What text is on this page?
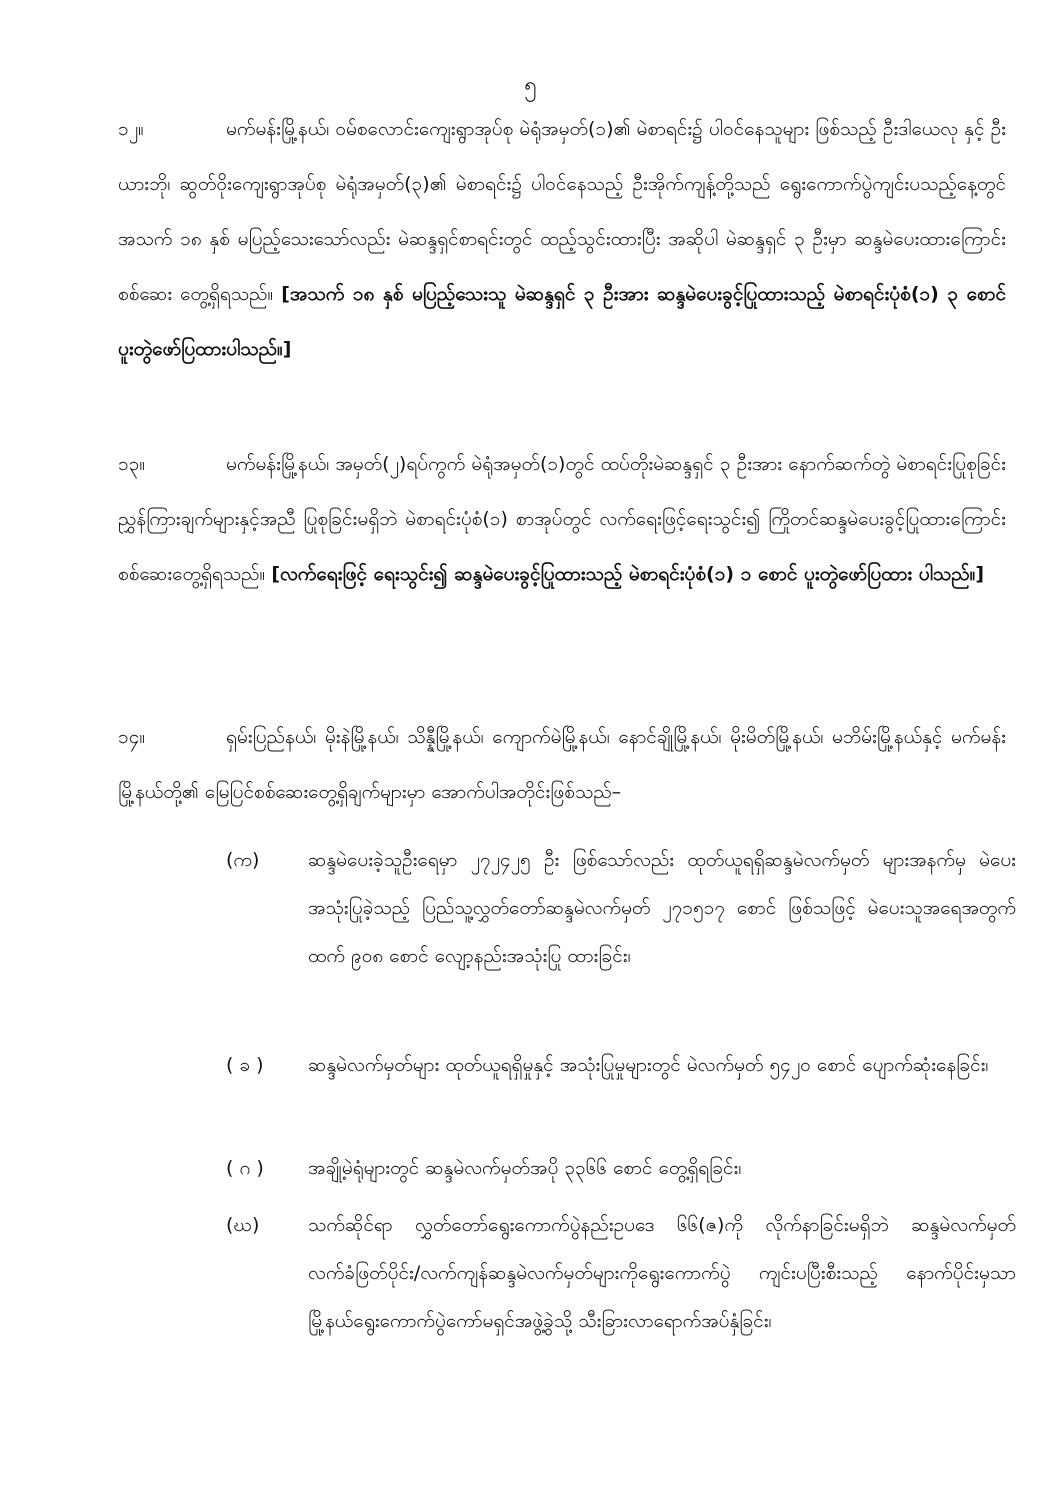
၅
၁၂။	မက်မန်းမြို့နယ်၊ ဝမ်စလောင်းကျေးရွာအုပ်စု မဲရုံအမှတ်(၁)၏ မဲစာရင်း၌ ပါဝင်နေသူများ ဖြစ်သည့် ဦးဒါယေလု နှင့် ဦးယားဘို၊ ဆွတ်ဝိုးကျေးရွာအုပ်စု မဲရုံအမှတ်(၃)၏ မဲစာရင်း၌ ပါဝင်နေသည့် ဦးအိုက်ကျန့်တို့သည် ရွေးကောက်ပွဲကျင်းပသည့်နေ့တွင် အသက် ၁၈ နှစ် မပြည့်သေးသော်လည်း မဲဆန္ဒရှင်စာရင်းတွင် ထည့်သွင်းထားပြီး အဆိုပါ မဲဆန္ဒရှင် ၃ ဦးမှာ ဆန္ဒမဲပေးထားကြောင်း စစ်ဆေး တွေ့ရှိရသည်။ [အသက် ၁၈ နှစ် မပြည့်သေးသူ မဲဆန္ဒရှင် ၃ ဦးအား ဆန္ဒမဲပေးခွင့်ပြုထားသည့် မဲစာရင်းပုံစံ(၁) ၃ စောင် ပူးတွဲဖော်ပြထားပါသည်။]
၁၃။	မက်မန်းမြို့နယ်၊ အမှတ်(၂)ရပ်ကွက် မဲရုံအမှတ်(၁)တွင် ထပ်တိုးမဲဆန္ဒရှင် ၃ ဦးအား နောက်ဆက်တွဲ မဲစာရင်းပြုစုခြင်းညွှန်ကြားချက်များနှင့်အညီ ပြုစုခြင်းမရှိဘဲ မဲစာရင်းပုံစံ(၁) စာအုပ်တွင် လက်ရေးဖြင့်ရေးသွင်း၍ ကြိုတင်ဆန္ဒမဲပေးခွင့်ပြုထားကြောင်း စစ်ဆေးတွေ့ရှိရသည်။ [လက်ရေးဖြင့် ရေးသွင်း၍ ဆန္ဒမဲပေးခွင့်ပြုထားသည့် မဲစာရင်းပုံစံ(၁) ၁ စောင် ပူးတွဲဖော်ပြထား ပါသည်။]
၁၄။	ရှမ်းပြည်နယ်၊ မိုးနဲမြို့နယ်၊ သိန္နီမြို့နယ်၊ ကျောက်မဲမြို့နယ်၊ နောင်ချိုမြို့နယ်၊ မိုးမိတ်မြို့နယ်၊ မဘိမ်းမြို့နယ်နှင့် မက်မန်းမြို့နယ်တို့၏ မြေပြင်စစ်ဆေးတွေ့ရှိချက်များမှာ အောက်ပါအတိုင်းဖြစ်သည်–
(က)	ဆန္ဒမဲပေးခဲ့သူဦးရေမှာ ၂၇၂၄၂၅ ဦး ဖြစ်သော်လည်း ထုတ်ယူရရှိဆန္ဒမဲလက်မှတ် များအနက်မှ မဲပေးအသုံးပြုခဲ့သည့် ပြည်သူ့လွှတ်တော်ဆန္ဒမဲလက်မှတ် ၂၇၁၅၁၇ စောင် ဖြစ်သဖြင့် မဲပေးသူအရေအတွက်ထက် ၉၀၈ စောင် လျော့နည်းအသုံးပြု ထားခြင်း၊
( ခ )	ဆန္ဒမဲလက်မှတ်များ ထုတ်ယူရရှိမှုနှင့် အသုံးပြုမှုများတွင် မဲလက်မှတ် ၅၄၂၀ စောင် ပျောက်ဆုံးနေခြင်း၊
( ဂ )	အချို့မဲရုံများတွင် ဆန္ဒမဲလက်မှတ်အပို ၃၃၆၆ စောင် တွေ့ရှိရခြင်း၊
(ဃ)	သက်ဆိုင်ရာ လွှတ်တော်ရွေးကောက်ပွဲနည်းဥပဒေ ၆၆(ဇ)ကို လိုက်နာခြင်းမရှိဘဲ ဆန္ဒမဲလက်မှတ် လက်ခံဖြတ်ပိုင်း/လက်ကျန်ဆန္ဒမဲလက်မှတ်များကိုရွေးကောက်ပွဲ ကျင်းပပြီးစီးသည့် နောက်ပိုင်းမှသာ မြို့နယ်ရွေးကောက်ပွဲကော်မရှင်အဖွဲ့ခွဲသို့ သီးခြားလာရောက်အပ်နှံခြင်း၊
